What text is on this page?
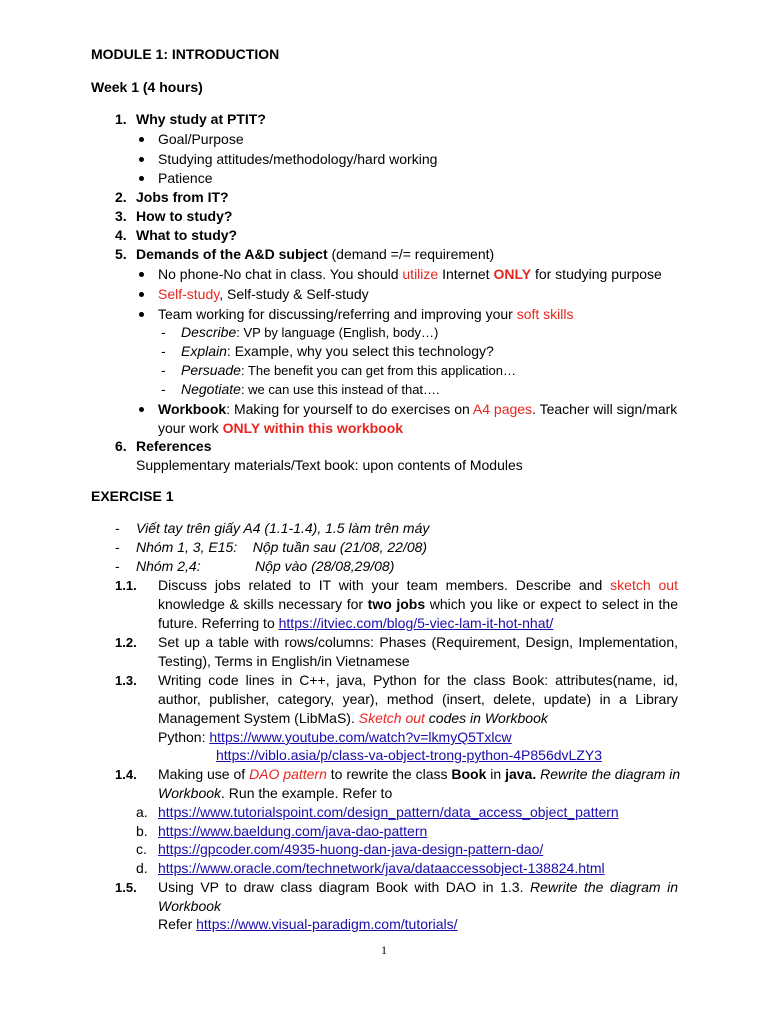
MODULE 1: INTRODUCTION
Week 1 (4 hours)
1. Why study at PTIT?
Goal/Purpose
Studying attitudes/methodology/hard working
Patience
2. Jobs from IT?
3. How to study?
4. What to study?
5. Demands of the A&D subject (demand =/= requirement)
No phone-No chat in class. You should utilize Internet ONLY for studying purpose
Self-study, Self-study & Self-study
Team working for discussing/referring and improving your soft skills
- Describe: VP by language (English, body…)
- Explain: Example, why you select this technology?
- Persuade: The benefit you can get from this application…
- Negotiate: we can use this instead of that….
Workbook: Making for yourself to do exercises on A4 pages. Teacher will sign/mark
your work ONLY within this workbook
6. References
Supplementary materials/Text book: upon contents of Modules
EXERCISE 1
- Viết tay trên giấy A4 (1.1-1.4), 1.5 làm trên máy
- Nhóm 1, 3, E15:    Nộp tuần sau (21/08, 22/08)
- Nhóm 2,4:              Nộp vào (28/08,29/08)
1.1. Discuss jobs related to IT with your team members. Describe and sketch out
knowledge & skills necessary for two jobs which you like or expect to select in the
future. Referring to https://itviec.com/blog/5-viec-lam-it-hot-nhat/
1.2. Set up a table with rows/columns: Phases (Requirement, Design, Implementation,
Testing), Terms in English/in Vietnamese
1.3. Writing code lines in C++, java, Python for the class Book: attributes(name, id,
author, publisher, category, year), method (insert, delete, update) in a Library
Management System (LibMaS). Sketch out codes in Workbook
Python: https://www.youtube.com/watch?v=lkmyQ5Txlcw
https://viblo.asia/p/class-va-object-trong-python-4P856dvLZY3
1.4. Making use of DAO pattern to rewrite the class Book in java. Rewrite the diagram in
Workbook. Run the example. Refer to
a. https://www.tutorialspoint.com/design_pattern/data_access_object_pattern
b. https://www.baeldung.com/java-dao-pattern
c. https://gpcoder.com/4935-huong-dan-java-design-pattern-dao/
d. https://www.oracle.com/technetwork/java/dataaccessobject-138824.html
1.5. Using VP to draw class diagram Book with DAO in 1.3. Rewrite the diagram in
Workbook
Refer https://www.visual-paradigm.com/tutorials/
1
